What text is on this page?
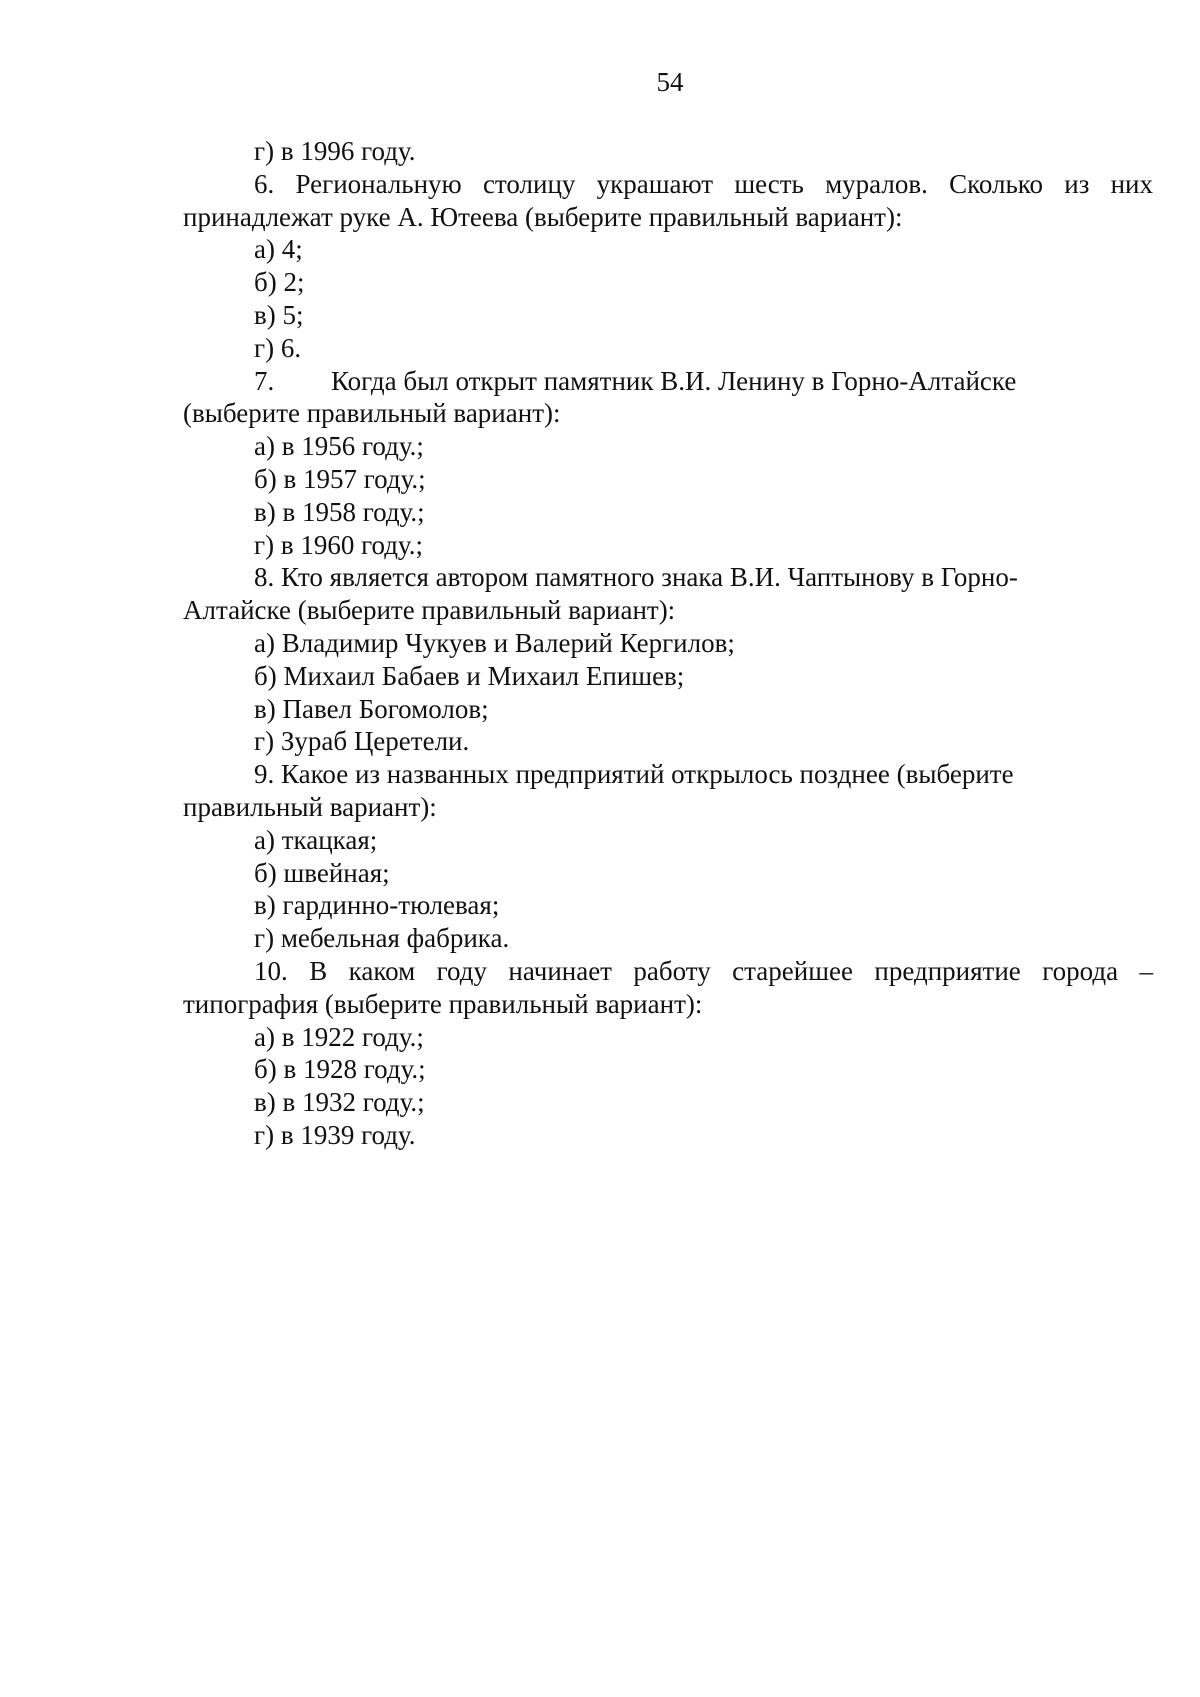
54

г) в 1996 году.

6. Региональную столицу украшают шесть муралов. Сколько из них

принадлежат руке А. Ютеева (выберите правильный вариант):

а) 4;

б) 2;

в) 5;

г) 6.

7. Когда был открыт памятник В.И. Ленину в Горно-Алтайске

(выберите правильный вариант):

а) в 1956 году.;

б) в 1957 году.;

в) в 1958 году.;

г) в 1960 году.;

8. Кто является автором памятного знака В.И. Чаптынову в Горно-

Алтайске (выберите правильный вариант):

а) Владимир Чукуев и Валерий Кергилов;

б) Михаил Бабаев и Михаил Епишев;

в) Павел Богомолов;

г) Зураб Церетели.

9. Какое из названных предприятий открылось позднее (выберите

правильный вариант):

а) ткацкая;

б) швейная;

в) гардинно-тюлевая;

г) мебельная фабрика.

10. В каком году начинает работу старейшее предприятие города –

типография (выберите правильный вариант):

а) в 1922 году.;

б) в 1928 году.;

в) в 1932 году.;

г) в 1939 году.
